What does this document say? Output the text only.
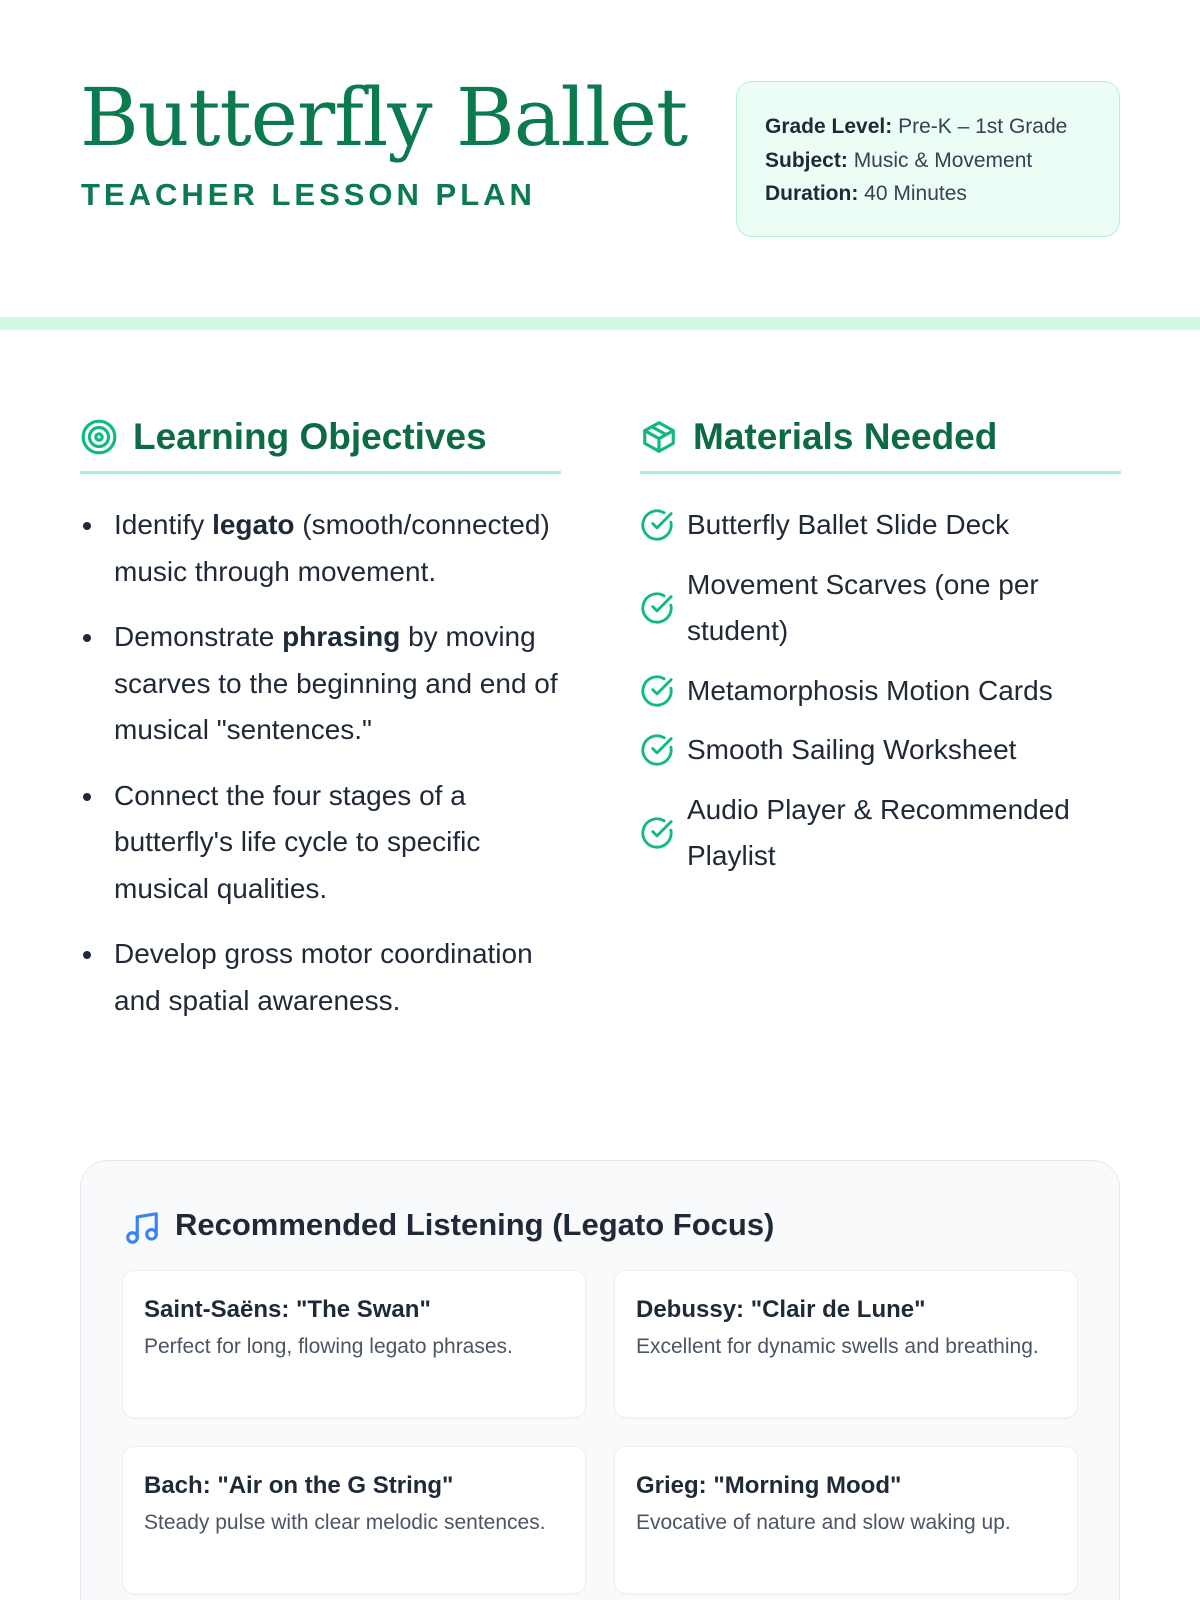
Butterfly Ballet
TEACHER LESSON PLAN
Grade Level: Pre-K – 1st Grade
Subject: Music & Movement
Duration: 40 Minutes
Learning Objectives	Materials Needed
Identify legato (smooth/connected) music through movement.
Demonstrate phrasing by moving scarves to the beginning and end of musical "sentences."
Connect the four stages of a butterfly's life cycle to specific musical qualities.
Develop gross motor coordination and spatial awareness.
Butterfly Ballet Slide Deck
Movement Scarves (one per student)
Metamorphosis Motion Cards
Smooth Sailing Worksheet
Audio Player & Recommended Playlist
Recommended Listening (Legato Focus)
Saint-Saëns: "The Swan"
Perfect for long, flowing legato phrases.
Debussy: "Clair de Lune"
Excellent for dynamic swells and breathing.
Bach: "Air on the G String"
Steady pulse with clear melodic sentences.
Grieg: "Morning Mood"
Evocative of nature and slow waking up.
